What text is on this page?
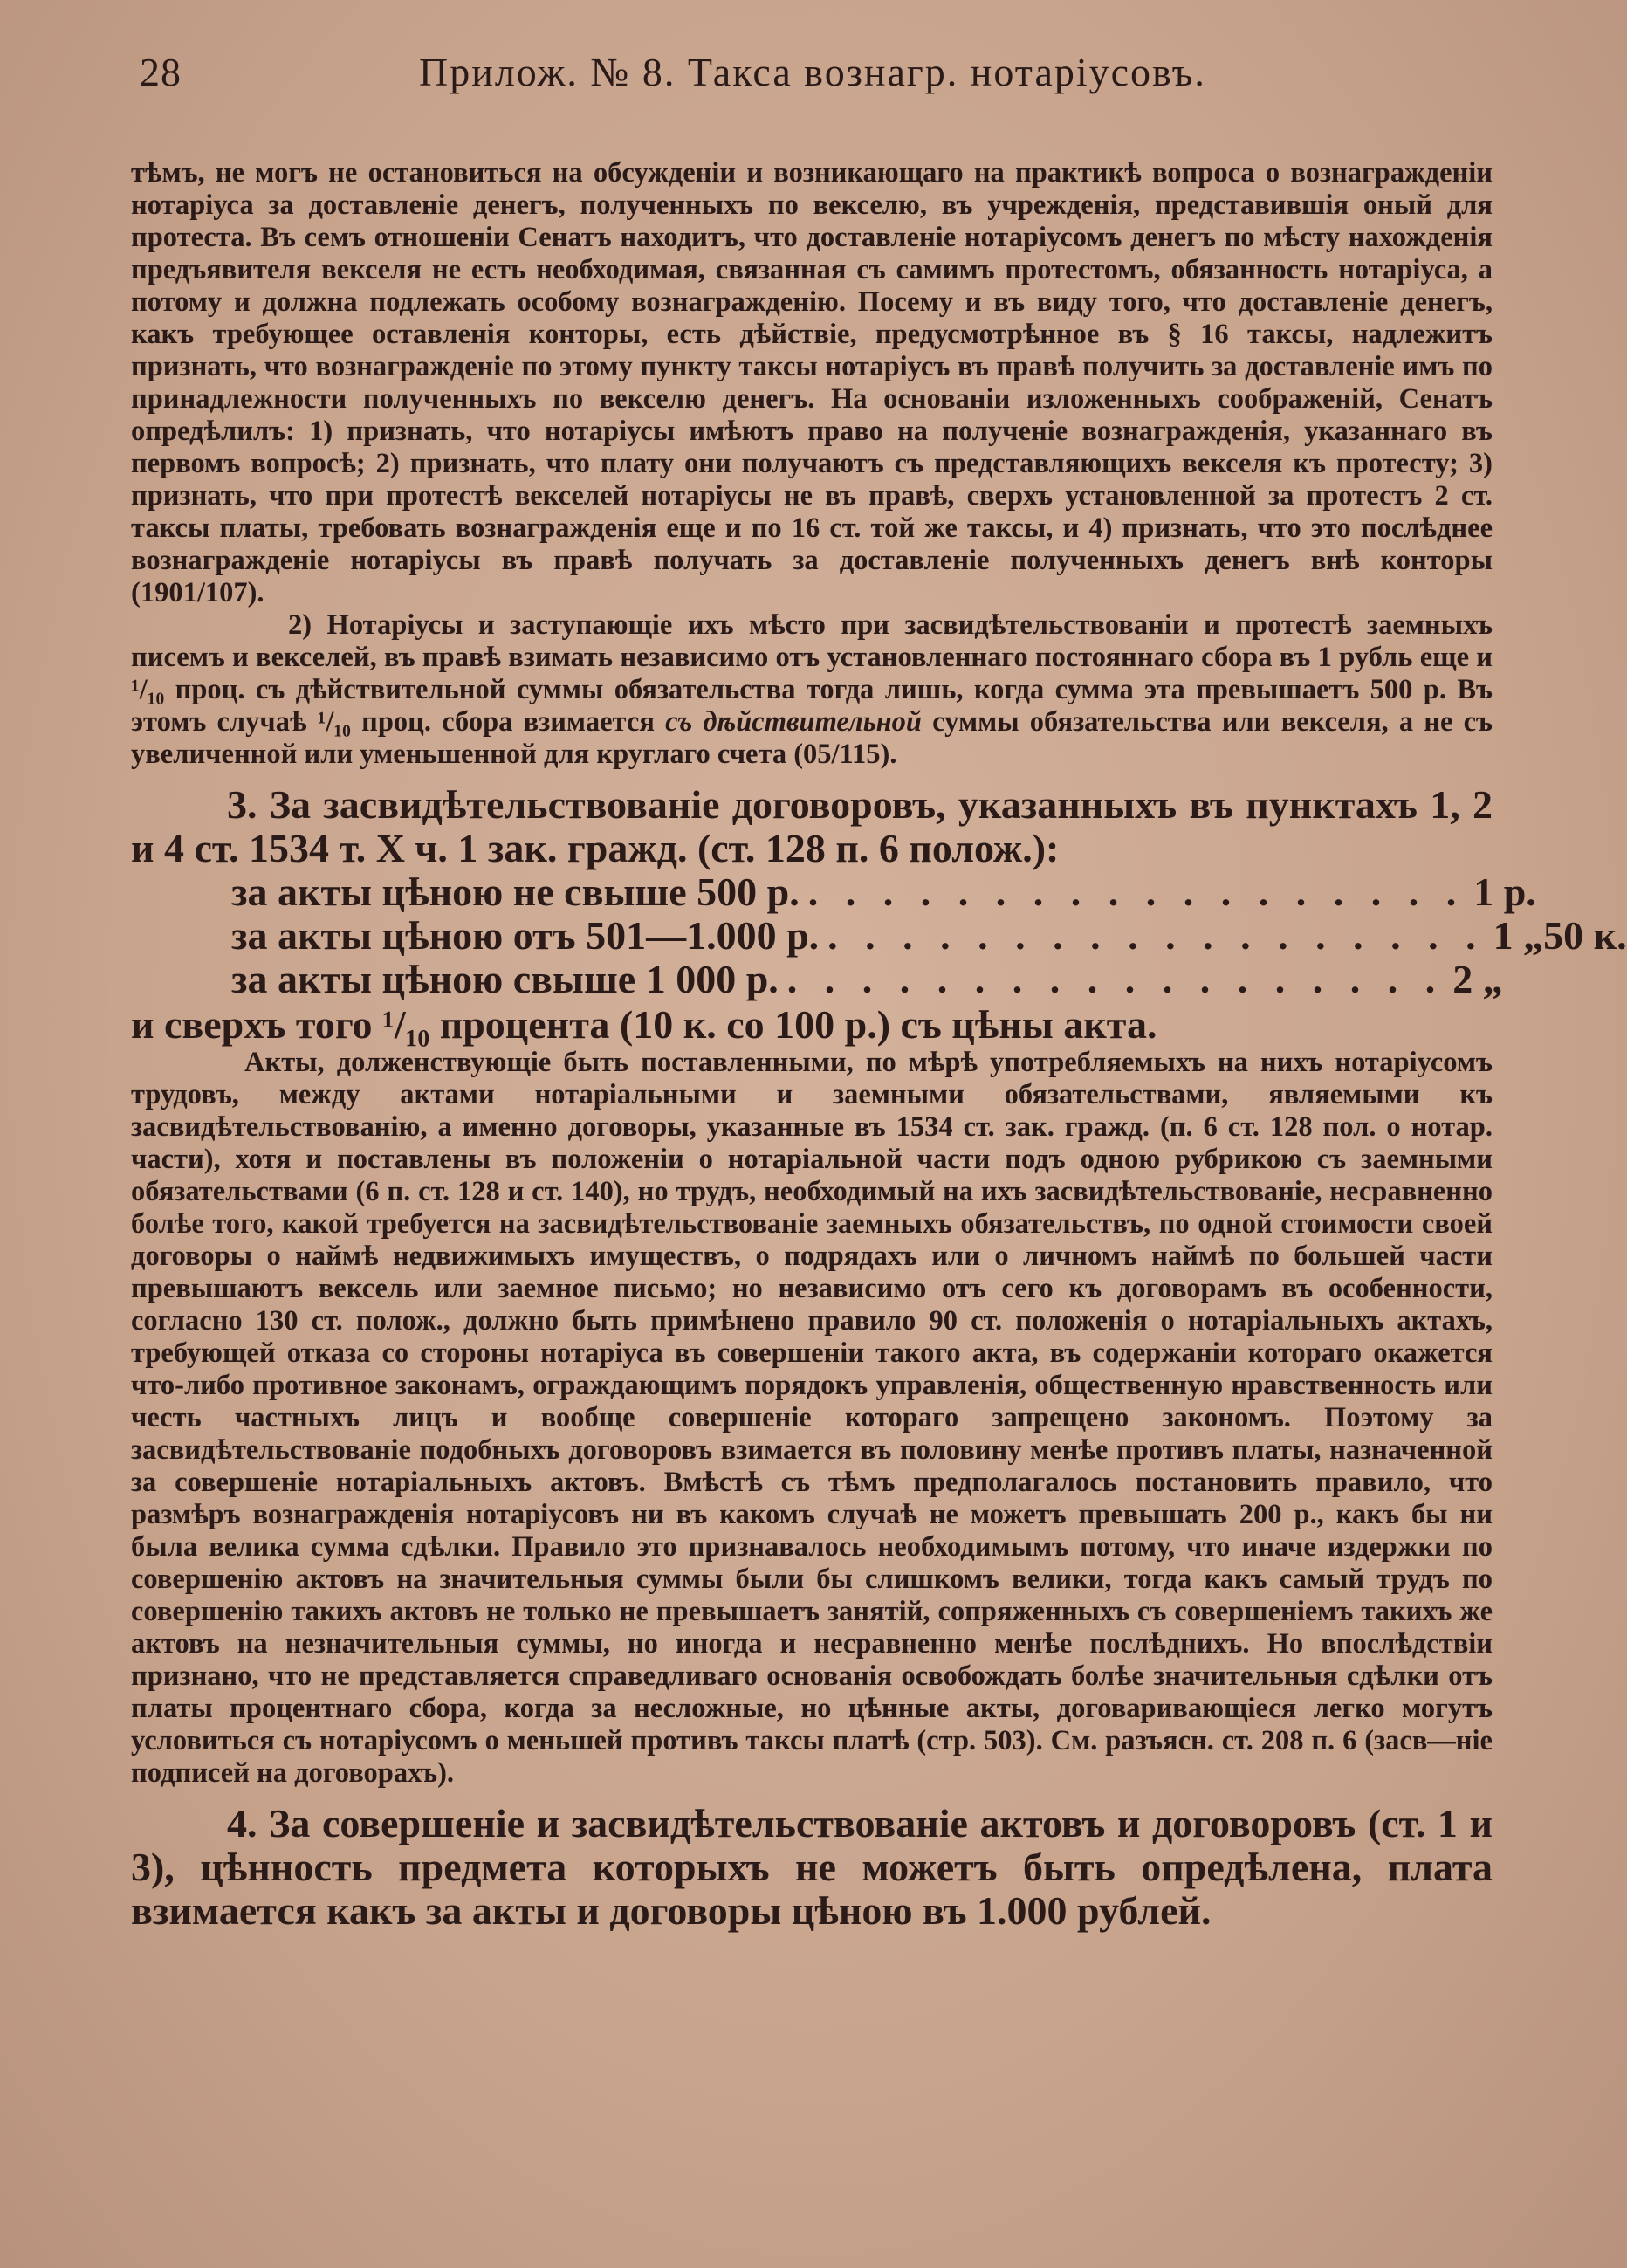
28	Прилож. № 8. Такса вознагр. нотаріусовъ.

тѣмъ, не могъ не остановиться на обсужденіи и возникающаго на практикѣ вопроса о вознагражденіи нотаріуса за доставленіе денегъ, полученныхъ по векселю, въ учрежденія, представившія оный для протеста. Въ семъ отношеніи Сенатъ находитъ, что доставленіе нотаріусомъ денегъ по мѣсту нахожденія предъявителя векселя не есть необходимая, связанная съ самимъ протестомъ, обязанность нотаріуса, а потому и должна подлежать особому вознагражденію. Посему и въ виду того, что доставленіе денегъ, какъ требующее оставленія конторы, есть дѣйствіе, предусмотрѣнное въ § 16 таксы, надлежитъ признать, что вознагражденіе по этому пункту таксы нотаріусъ въ правѣ получить за доставленіе имъ по принадлежности полученныхъ по векселю денегъ. На основаніи изложенныхъ соображеній, Сенатъ опредѣлилъ: 1) признать, что нотаріусы имѣютъ право на полученіе вознагражденія, указаннаго въ первомъ вопросѣ; 2) признать, что плату они получаютъ съ представляющихъ векселя къ протесту; 3) признать, что при протестѣ векселей нотаріусы не въ правѣ, сверхъ установленной за протестъ 2 ст. таксы платы, требовать вознагражденія еще и по 16 ст. той же таксы, и 4) признать, что это послѣднее вознагражденіе нотаріусы въ правѣ получать за доставленіе полученныхъ денегъ внѣ конторы (1901/107).

2) Нотаріусы и заступающіе ихъ мѣсто при засвидѣтельствованіи и протестѣ заемныхъ писемъ и векселей, въ правѣ взимать независимо отъ установленнаго постояннаго сбора въ 1 рубль еще и ¹/₁₀ проц. съ дѣйствительной суммы обязательства тогда лишь, когда сумма эта превышаетъ 500 р. Въ этомъ случаѣ ¹/₁₀ проц. сбора взимается съ дѣйствительной суммы обязательства или векселя, а не съ увеличенной или уменьшенной для круглаго счета (05/115).

3. За засвидѣтельствованіе договоровъ, указанныхъ въ пунктахъ 1, 2 и 4 ст. 1534 т. X ч. 1 зак. гражд. (ст. 128 п. 6 полож.):

за акты цѣною не свыше 500 р. . . . . . . . . . . . . . . . . . . 1 р.
за акты цѣною отъ 501—1.000 р. . . . . . . . . . . . . . . . . . . 1 „ 50 к.
за акты цѣною свыше 1 000 р. . . . . . . . . . . . . . . . . . . 2 „

и сверхъ того ¹/₁₀ процента (10 к. со 100 р.) съ цѣны акта.

Акты, долженствующіе быть поставленными, по мѣрѣ употребляемыхъ на нихъ нотаріусомъ трудовъ, между актами нотаріальными и заемными обязательствами, являемыми къ засвидѣтельствованію, а именно договоры, указанные въ 1534 ст. зак. гражд. (п. 6 ст. 128 пол. о нотар. части), хотя и поставлены въ положеніи о нотаріальной части подъ одною рубрикою съ заемными обязательствами (6 п. ст. 128 и ст. 140), но трудъ, необходимый на ихъ засвидѣтельствованіе, несравненно болѣе того, какой требуется на засвидѣтельствованіе заемныхъ обязательствъ, по одной стоимости своей договоры о наймѣ недвижимыхъ имуществъ, о подрядахъ или о личномъ наймѣ по большей части превышаютъ вексель или заемное письмо; но независимо отъ сего къ договорамъ въ особенности, согласно 130 ст. полож., должно быть примѣнено правило 90 ст. положенія о нотаріальныхъ актахъ, требующей отказа со стороны нотаріуса въ совершеніи такого акта, въ содержаніи котораго окажется что-либо противное законамъ, ограждающимъ порядокъ управленія, общественную нравственность или честь частныхъ лицъ и вообще совершеніе котораго запрещено закономъ. Поэтому за засвидѣтельствованіе подобныхъ договоровъ взимается въ половину менѣе противъ платы, назначенной за совершеніе нотаріальныхъ актовъ. Вмѣстѣ съ тѣмъ предполагалось постановить правило, что размѣръ вознагражденія нотаріусовъ ни въ какомъ случаѣ не можетъ превышать 200 р., какъ бы ни была велика сумма сдѣлки. Правило это признавалось необходимымъ потому, что иначе издержки по совершенію актовъ на значительныя суммы были бы слишкомъ велики, тогда какъ самый трудъ по совершенію такихъ актовъ не только не превышаетъ занятій, сопряженныхъ съ совершеніемъ такихъ же актовъ на незначительныя суммы, но иногда и несравненно менѣе послѣднихъ. Но впослѣдствіи признано, что не представляется справедливаго основанія освобождать болѣе значительныя сдѣлки отъ платы процентнаго сбора, когда за несложные, но цѣнные акты, договаривающіеся легко могутъ условиться съ нотаріусомъ о меньшей противъ таксы платѣ (стр. 503). См. разъясн. ст. 208 п. 6 (засв—ніе подписей на договорахъ).

4. За совершеніе и засвидѣтельствованіе актовъ и договоровъ (ст. 1 и 3), цѣнность предмета которыхъ не можетъ быть опредѣлена, плата взимается какъ за акты и договоры цѣною въ 1.000 рублей.
